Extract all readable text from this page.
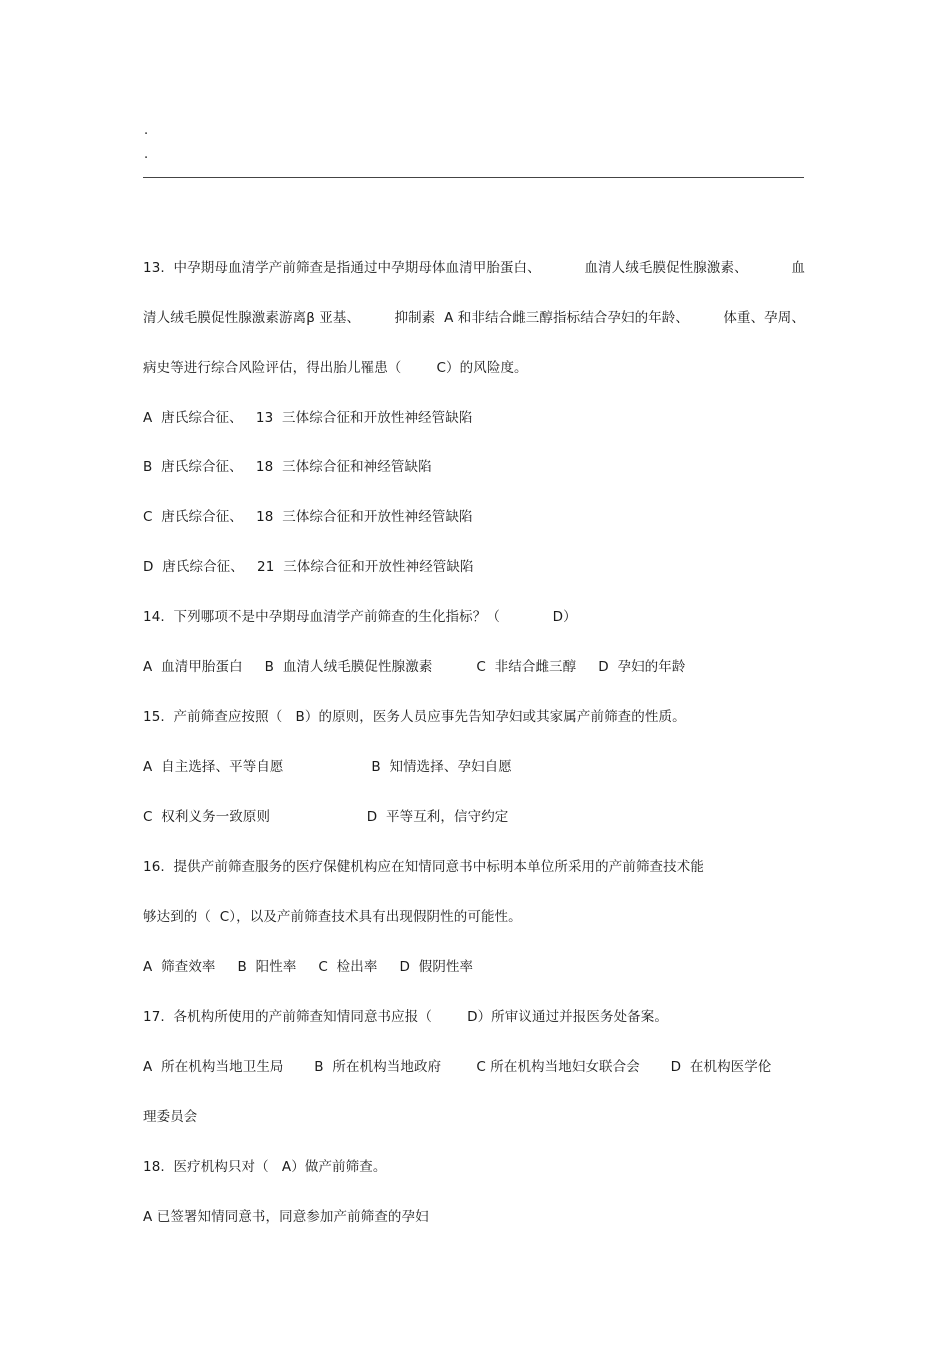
.
.
13.  中孕期母血清学产前筛查是指通过中孕期母体血清甲胎蛋白、	血清人绒毛膜促性腺激素、	血
清人绒毛膜促性腺激素游离β 亚基、	抑制素  A 和非结合雌三醇指标结合孕妇的年龄、	体重、孕周、
病史等进行综合风险评估，得出胎儿罹患（        C）的风险度。
A  唐氏综合征、   13  三体综合征和开放性神经管缺陷
B  唐氏综合征、   18  三体综合征和神经管缺陷
C  唐氏综合征、   18  三体综合征和开放性神经管缺陷
D  唐氏综合征、   21  三体综合征和开放性神经管缺陷
14.  下列哪项不是中孕期母血清学产前筛查的生化指标？（            D）
A  血清甲胎蛋白     B  血清人绒毛膜促性腺激素          C  非结合雌三醇     D  孕妇的年龄
15.  产前筛查应按照（   B）的原则，医务人员应事先告知孕妇或其家属产前筛查的性质。
A  自主选择、平等自愿                    B  知情选择、孕妇自愿
C  权利义务一致原则                      D  平等互利，信守约定
16.  提供产前筛查服务的医疗保健机构应在知情同意书中标明本单位所采用的产前筛查技术能
够达到的（  C），以及产前筛查技术具有出现假阴性的可能性。
A  筛查效率     B  阳性率     C  检出率     D  假阴性率
17.  各机构所使用的产前筛查知情同意书应报（        D）所审议通过并报医务处备案。
A  所在机构当地卫生局       B  所在机构当地政府        C 所在机构当地妇女联合会       D  在机构医学伦
理委员会
18.  医疗机构只对（   A）做产前筛查。
A 已签署知情同意书，同意参加产前筛查的孕妇
